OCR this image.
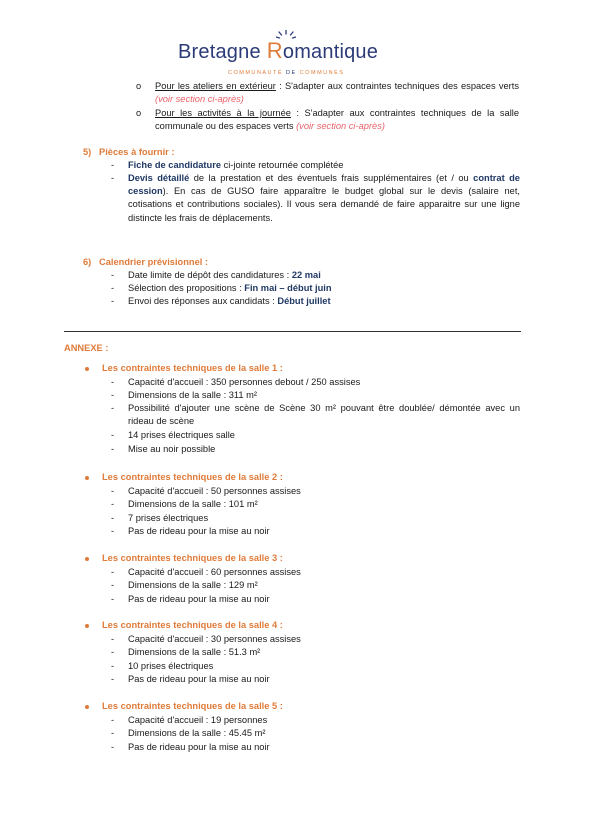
Bretagne Romantique
COMMUNAUTÉ DE COMMUNES
o Pour les ateliers en extérieur : S'adapter aux contraintes techniques des espaces verts (voir section ci-après)
o Pour les activités à la journée : S'adapter aux contraintes techniques de la salle communale ou des espaces verts (voir section ci-après)
5)   Pièces à fournir :
- Fiche de candidature ci-jointe retournée complétée
- Devis détaillé de la prestation et des éventuels frais supplémentaires (et / ou contrat de cession). En cas de GUSO faire apparaître le budget global sur le devis (salaire net, cotisations et contributions sociales). Il vous sera demandé de faire apparaitre sur une ligne distincte les frais de déplacements.
6)   Calendrier prévisionnel :
- Date limite de dépôt des candidatures : 22 mai
- Sélection des propositions : Fin mai – début juin
- Envoi des réponses aux candidats : Début juillet
ANNEXE :
Les contraintes techniques de la salle 1 :
- Capacité d'accueil : 350 personnes debout / 250 assises
- Dimensions de la salle : 311 m²
- Possibilité d'ajouter une scène de Scène 30 m² pouvant être doublée/ démontée avec un rideau de scène
- 14 prises électriques salle
- Mise au noir possible
Les contraintes techniques de la salle 2 :
- Capacité d'accueil : 50 personnes assises
- Dimensions de la salle : 101 m²
- 7 prises électriques
- Pas de rideau pour la mise au noir
Les contraintes techniques de la salle 3 :
- Capacité d'accueil : 60 personnes assises
- Dimensions de la salle : 129 m²
- Pas de rideau pour la mise au noir
Les contraintes techniques de la salle 4 :
- Capacité d'accueil : 30 personnes assises
- Dimensions de la salle : 51.3 m²
- 10 prises électriques
- Pas de rideau pour la mise au noir
Les contraintes techniques de la salle 5 :
- Capacité d'accueil : 19 personnes
- Dimensions de la salle : 45.45 m²
- Pas de rideau pour la mise au noir
